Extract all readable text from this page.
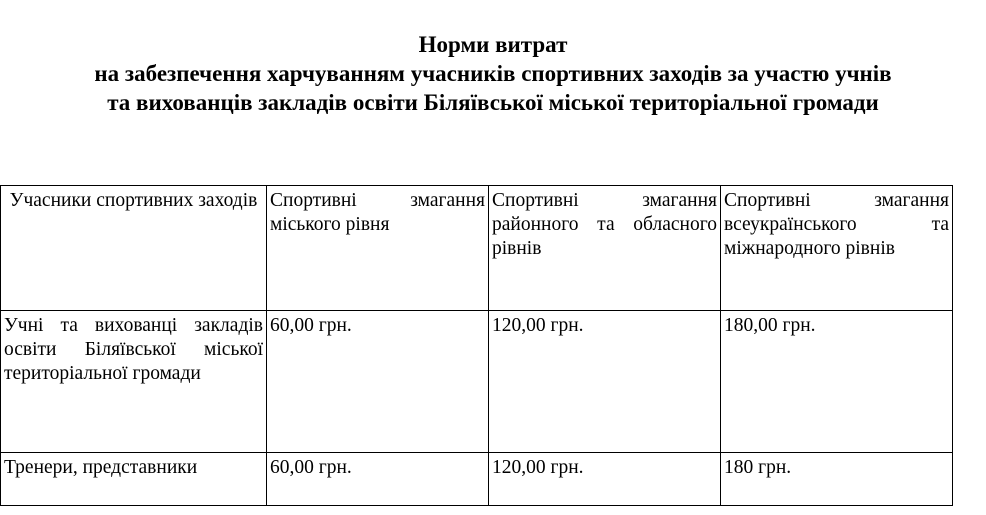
Норми витрат
на забезпечення харчуванням учасників спортивних заходів за участю учнів
та вихованців закладів освіти Біляївської міської територіальної громади
Учасники спортивних заходів	Спортивні змагання міського рівня	Спортивні змагання районного та обласного рівнів	Спортивні змагання всеукраїнського та міжнародного рівнів
Учні та вихованці закладів освіти Біляївської міської територіальної громади	60,00 грн.	120,00 грн.	180,00 грн.
Тренери, представники	60,00 грн.	120,00 грн.	180 грн.
